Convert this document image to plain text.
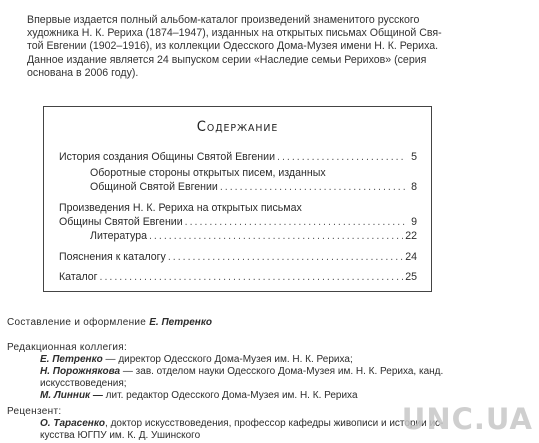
Впервые издается полный альбом-каталог произведений знаменитого русского
художника Н. К. Рериха (1874–1947), изданных на открытых письмах Общиной Свя-
той Евгении (1902–1916), из коллекции Одесского Дома-Музея имени Н. К. Рериха.
Данное издание является 24 выпуском серии «Наследие семьи Рерихов» (серия
основана в 2006 году).
Содержание
История создания Общины Святой Евгении .....	5
Оборотные стороны открытых писем, изданных
Общиной Святой Евгении .....	8
Произведения Н. К. Рериха на открытых письмах
Общины Святой Евгении .....	9
Литература .....	22
Пояснения к каталогу .....	24
Каталог .....	25
Составление и оформление Е. Петренко
Редакционная коллегия:
Е. Петренко — директор Одесского Дома-Музея им. Н. К. Рериха;
Н. Порожнякова — зав. отделом науки Одесского Дома-Музея им. Н. К. Рериха, канд.
искусствоведения;
М. Линник — лит. редактор Одесского Дома-Музея им. Н. К. Рериха
Рецензент:
О. Тарасенко, доктор искусствоведения, профессор кафедры живописи и истории ис-
кусства ЮГПУ им. К. Д. Ушинского	UNC.UA
